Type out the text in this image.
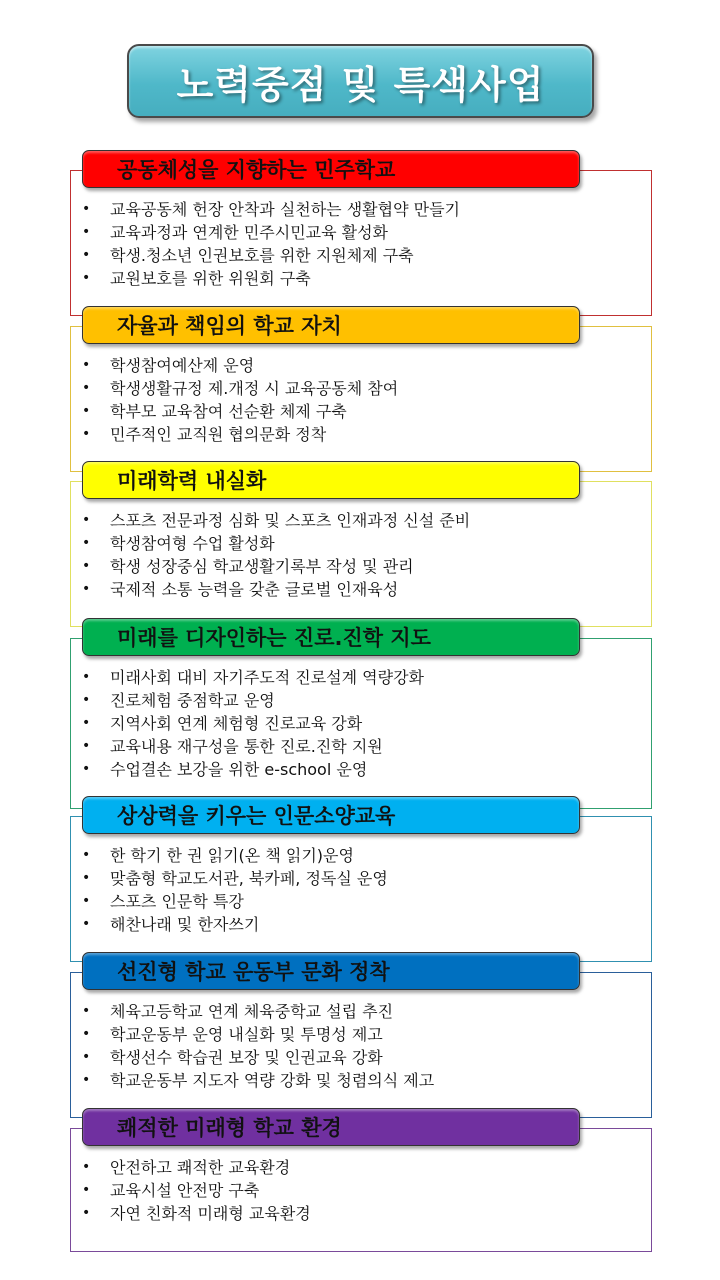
노력중점 및 특색사업
공동체성을 지향하는 민주학교
• 교육공동체 헌장 안착과 실천하는 생활협약 만들기
• 교육과정과 연계한 민주시민교육 활성화
• 학생.청소년 인권보호를 위한 지원체제 구축
• 교원보호를 위한 위원회 구축
자율과 책임의 학교 자치
• 학생참여예산제 운영
• 학생생활규정 제.개정 시 교육공동체 참여
• 학부모 교육참여 선순환 체제 구축
• 민주적인 교직원 협의문화 정착
미래학력 내실화
• 스포츠 전문과정 심화 및 스포츠 인재과정 신설 준비
• 학생참여형 수업 활성화
• 학생 성장중심 학교생활기록부 작성 및 관리
• 국제적 소통 능력을 갖춘 글로벌 인재육성
미래를 디자인하는 진로.진학 지도
• 미래사회 대비 자기주도적 진로설계 역량강화
• 진로체험 중점학교 운영
• 지역사회 연계 체험형 진로교육 강화
• 교육내용 재구성을 통한 진로.진학 지원
• 수업결손 보강을 위한 e-school 운영
상상력을 키우는 인문소양교육
• 한 학기 한 권 읽기(온 책 읽기)운영
• 맞춤형 학교도서관, 북카페, 정독실 운영
• 스포츠 인문학 특강
• 해찬나래 및 한자쓰기
선진형 학교 운동부 문화 정착
• 체육고등학교 연계 체육중학교 설립 추진
• 학교운동부 운영 내실화 및 투명성 제고
• 학생선수 학습권 보장 및 인권교육 강화
• 학교운동부 지도자 역량 강화 및 청렴의식 제고
쾌적한 미래형 학교 환경
• 안전하고 쾌적한 교육환경
• 교육시설 안전망 구축
• 자연 친화적 미래형 교육환경
